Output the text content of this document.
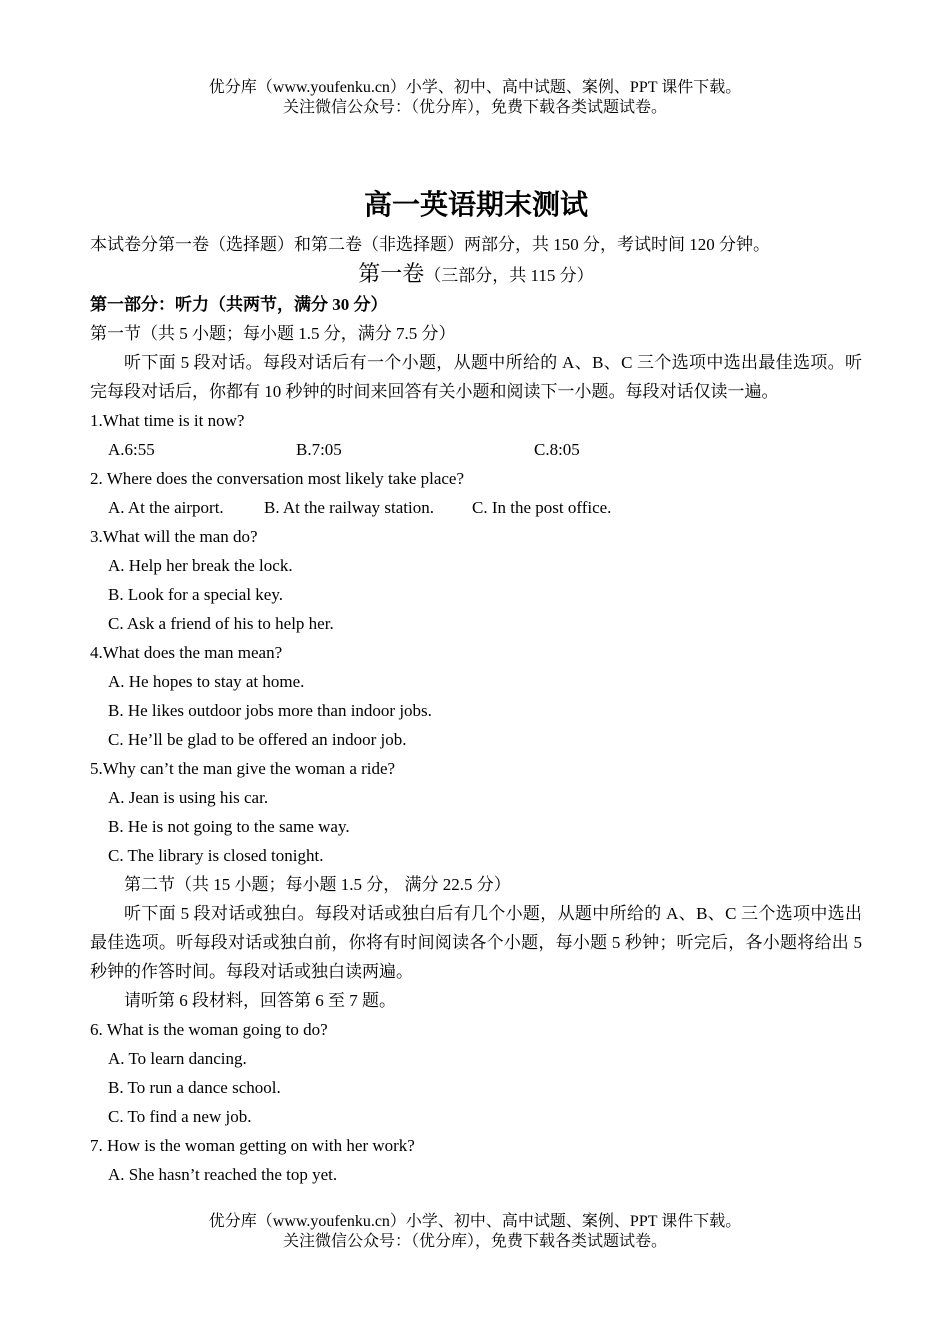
优分库（www.youfenku.cn）小学、初中、高中试题、案例、PPT 课件下载。
关注微信公众号：（优分库），免费下载各类试题试卷。
高一英语期末测试
本试卷分第一卷（选择题）和第二卷（非选择题）两部分，共 150 分，考试时间 120 分钟。
第一卷（三部分，共 115 分）
第一部分：听力（共两节，满分 30 分）
第一节（共 5 小题；每小题 1.5 分，满分 7.5 分）
听下面 5 段对话。每段对话后有一个小题，从题中所给的 A、B、C 三个选项中选出最佳选项。听完每段对话后，你都有 10 秒钟的时间来回答有关小题和阅读下一小题。每段对话仅读一遍。
1.What time is it now?
A.6:55	B.7:05	C.8:05
2. Where does the conversation most likely take place?
A. At the airport.	B. At the railway station.	C. In the post office.
3.What will the man do?
A. Help her break the lock.
B. Look for a special key.
C. Ask a friend of his to help her.
4.What does the man mean?
A. He hopes to stay at home.
B. He likes outdoor jobs more than indoor jobs.
C. He’ll be glad to be offered an indoor job.
5.Why can’t the man give the woman a ride?
A. Jean is using his car.
B. He is not going to the same way.
C. The library is closed tonight.
第二节（共 15 小题；每小题 1.5 分， 满分 22.5 分）
听下面 5 段对话或独白。每段对话或独白后有几个小题，从题中所给的 A、B、C 三个选项中选出最佳选项。听每段对话或独白前，你将有时间阅读各个小题，每小题 5 秒钟；听完后，各小题将给出 5 秒钟的作答时间。每段对话或独白读两遍。
请听第 6 段材料，回答第 6 至 7 题。
6. What is the woman going to do?
A. To learn dancing.
B. To run a dance school.
C. To find a new job.
7. How is the woman getting on with her work?
A. She hasn’t reached the top yet.
优分库（www.youfenku.cn）小学、初中、高中试题、案例、PPT 课件下载。
关注微信公众号：（优分库），免费下载各类试题试卷。
